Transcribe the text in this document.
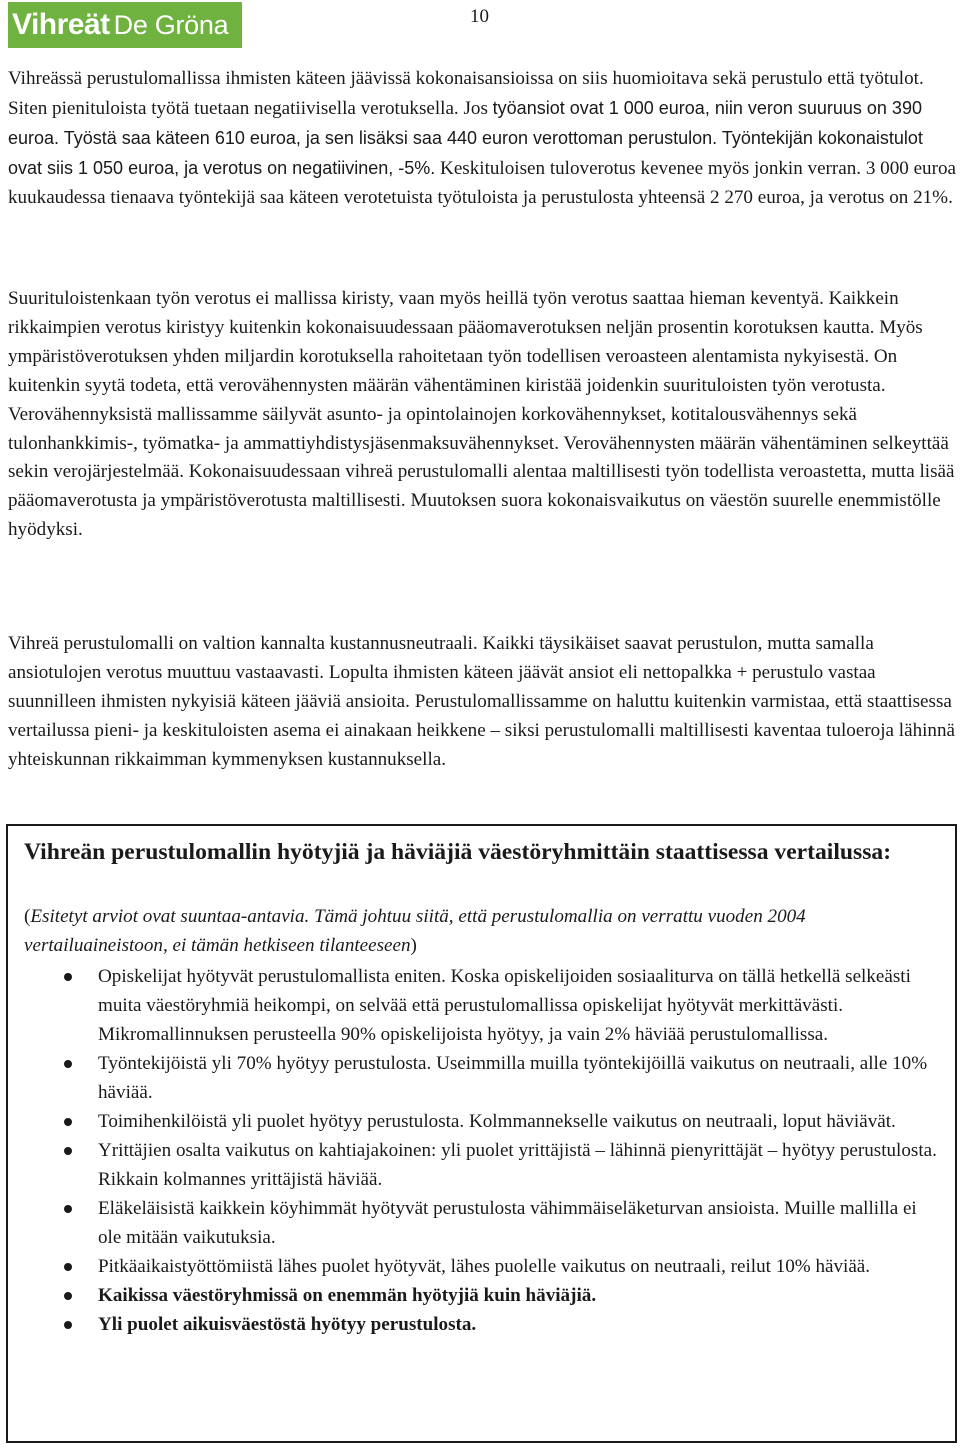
Vihreät De Gröna	10

Vihreässä perustulomallissa ihmisten käteen jäävissä kokonaisansioissa on siis huomioitava sekä perustulo että työtulot. Siten pienituloista työtä tuetaan negatiivisella verotuksella. Jos työansiot ovat 1 000 euroa, niin veron suuruus on 390 euroa. Työstä saa käteen 610 euroa, ja sen lisäksi saa 440 euron verottoman perustulon. Työntekijän kokonaistulot ovat siis 1 050 euroa, ja verotus on negatiivinen, -5%. Keskituloisen tuloverotus kevenee myös jonkin verran. 3 000 euroa kuukaudessa tienaava työntekijä saa käteen verotetuista työtuloista ja perustulosta yhteensä 2 270 euroa, ja verotus on 21%.

Suurituloistenkaan työn verotus ei mallissa kiristy, vaan myös heillä työn verotus saattaa hieman keventyä. Kaikkein rikkaimpien verotus kiristyy kuitenkin kokonaisuudessaan pääomaverotuksen neljän prosentin korotuksen kautta. Myös ympäristöverotuksen yhden miljardin korotuksella rahoitetaan työn todellisen veroasteen alentamista nykyisestä. On kuitenkin syytä todeta, että verovähennysten määrän vähentäminen kiristää joidenkin suurituloisten työn verotusta. Verovähennyksistä mallissamme säilyvät asunto- ja opintolainojen korkovähennykset, kotitalousvähennys sekä tulonhankkimis-, työmatka- ja ammattiyhdistysjäsenmaksuvähennykset. Verovähennysten määrän vähentäminen selkeyttää sekin verojärjestelmää. Kokonaisuudessaan vihreä perustulomalli alentaa maltillisesti työn todellista veroastetta, mutta lisää pääomaverotusta ja ympäristöverotusta maltillisesti. Muutoksen suora kokonaisvaikutus on väestön suurelle enemmistölle hyödyksi.

Vihreä perustulomalli on valtion kannalta kustannusneutraali. Kaikki täysikäiset saavat perustulon, mutta samalla ansiotulojen verotus muuttuu vastaavasti. Lopulta ihmisten käteen jäävät ansiot eli nettopalkka + perustulo vastaa suunnilleen ihmisten nykyisiä käteen jääviä ansioita. Perustulomallissamme on haluttu kuitenkin varmistaa, että staattisessa vertailussa pieni- ja keskituloisten asema ei ainakaan heikkene – siksi perustulomalli maltillisesti kaventaa tuloeroja lähinnä yhteiskunnan rikkaimman kymmenyksen kustannuksella.

Vihreän perustulomallin hyötyjiä ja häviäjiä väestöryhmittäin staattisessa vertailussa:

(Esitetyt arviot ovat suuntaa-antavia. Tämä johtuu siitä, että perustulomallia on verrattu vuoden 2004 vertailuaineistoon, ei tämän hetkiseen tilanteeseen)

Opiskelijat hyötyvät perustulomallista eniten. Koska opiskelijoiden sosiaaliturva on tällä hetkellä selkeästi muita väestöryhmiä heikompi, on selvää että perustulomallissa opiskelijat hyötyvät merkittävästi. Mikromallinnuksen perusteella 90% opiskelijoista hyötyy, ja vain 2% häviää perustulomallissa.
Työntekijöistä yli 70% hyötyy perustulosta. Useimmilla muilla työntekijöillä vaikutus on neutraali, alle 10% häviää.
Toimihenkilöistä yli puolet hyötyy perustulosta. Kolmmannekselle vaikutus on neutraali, loput häviävät.
Yrittäjien osalta vaikutus on kahtiajakoinen: yli puolet yrittäjistä – lähinnä pienyrittäjät – hyötyy perustulosta. Rikkain kolmannes yrittäjistä häviää.
Eläkeläisistä kaikkein köyhimmät hyötyvät perustulosta vähimmäiseläketurvan ansioista. Muille mallilla ei ole mitään vaikutuksia.
Pitkäaikaistyöttömiistä lähes puolet hyötyvät, lähes puolelle vaikutus on neutraali, reilut 10% häviää.
Kaikissa väestöryhmissä on enemmän hyötyjiä kuin häviäjiä.
Yli puolet aikuisväestöstä hyötyy perustulosta.
